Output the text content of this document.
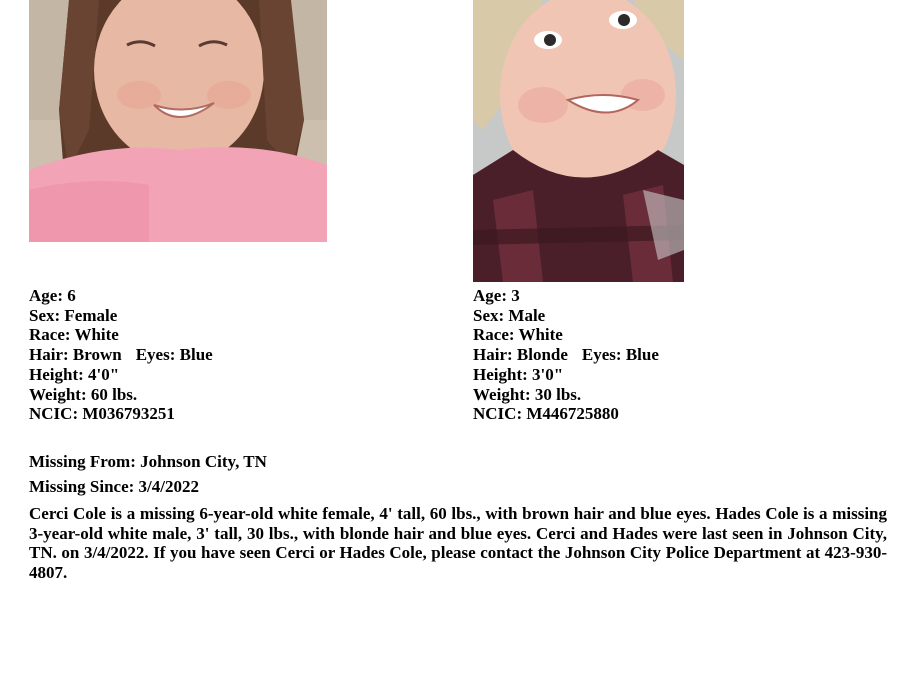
Age: 6
Sex: Female
Race: White
Hair: Brown Eyes: Blue
Height: 4'0"
Weight: 60 lbs.
NCIC: M036793251
Age: 3
Sex: Male
Race: White
Hair: Blonde Eyes: Blue
Height: 3'0"
Weight: 30 lbs.
NCIC: M446725880
Missing From: Johnson City, TN
Missing Since: 3/4/2022
Cerci Cole is a missing 6-year-old white female, 4' tall, 60 lbs., with brown hair and blue eyes. Hades Cole is a missing 3-year-old white male, 3' tall, 30 lbs., with blonde hair and blue eyes. Cerci and Hades were last seen in Johnson City, TN. on 3/4/2022. If you have seen Cerci or Hades Cole, please contact the Johnson City Police Department at 423-930-4807.
